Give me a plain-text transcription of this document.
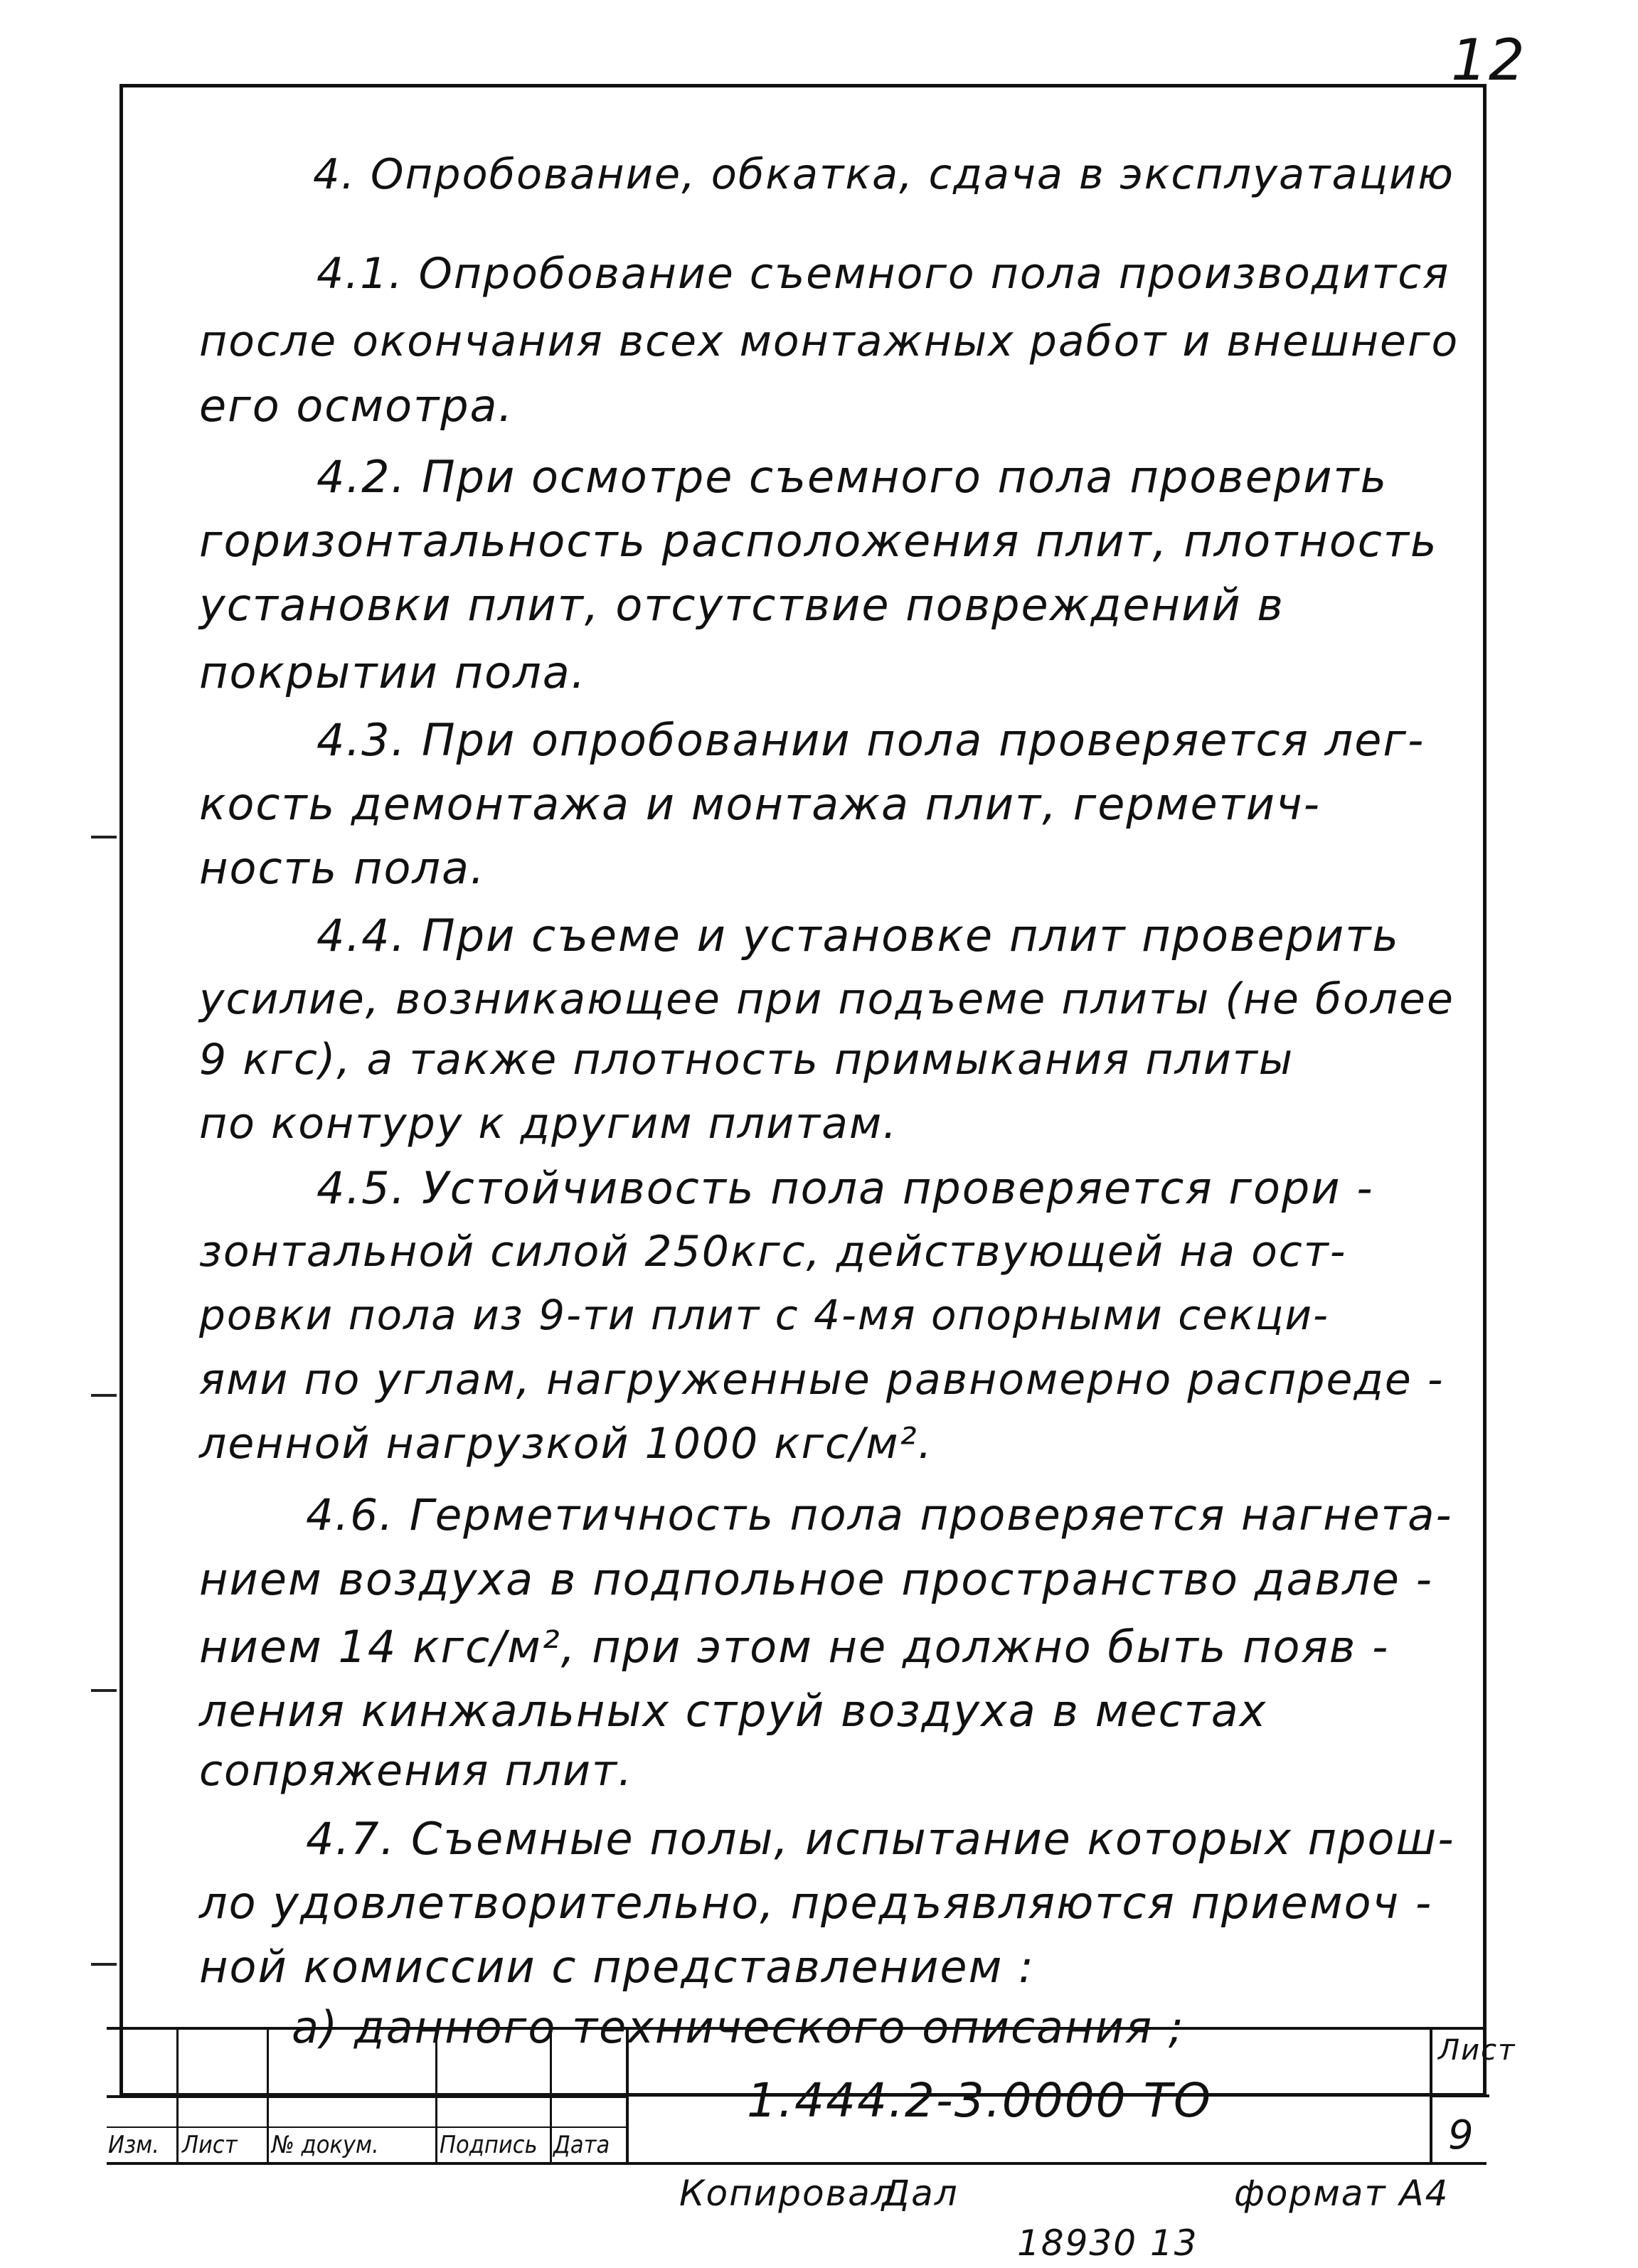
12
4. Опробование, обкатка, сдача в эксплуатацию
4.1. Опробование съемного пола производится
после окончания всех монтажных работ и внешнего
его осмотра.
4.2. При осмотре съемного пола проверить
горизонтальность расположения плит, плотность
установки плит, отсутствие повреждений в
покрытии пола.
4.3. При опробовании пола проверяется лег-
кость демонтажа и монтажа плит, герметич-
ность пола.
4.4. При съеме и установке плит проверить
усилие, возникающее при подъеме плиты (не более
9 кгс), а также плотность примыкания плиты
по контуру к другим плитам.
4.5. Устойчивость пола проверяется гори -
зонтальной силой 250кгс, действующей на ост-
ровки пола из 9-ти плит с 4-мя опорными секци-
ями по углам, нагруженные равномерно распреде -
ленной нагрузкой 1000 кгс/м².
4.6. Герметичность пола проверяется нагнета-
нием воздуха в подпольное пространство давле -
нием 14 кгс/м², при этом не должно быть появ -
ления кинжальных струй воздуха в местах
сопряжения плит.
4.7. Съемные полы, испытание которых прош-
ло удовлетворительно, предъявляются приемоч -
ной комиссии с представлением :
а) данного технического описания ;
Изм. Лист № докум.	Подпись Дата
1.444.2-3.0000 ТО
Лист
9
Копировал
Дал	формат А4
18930 13
